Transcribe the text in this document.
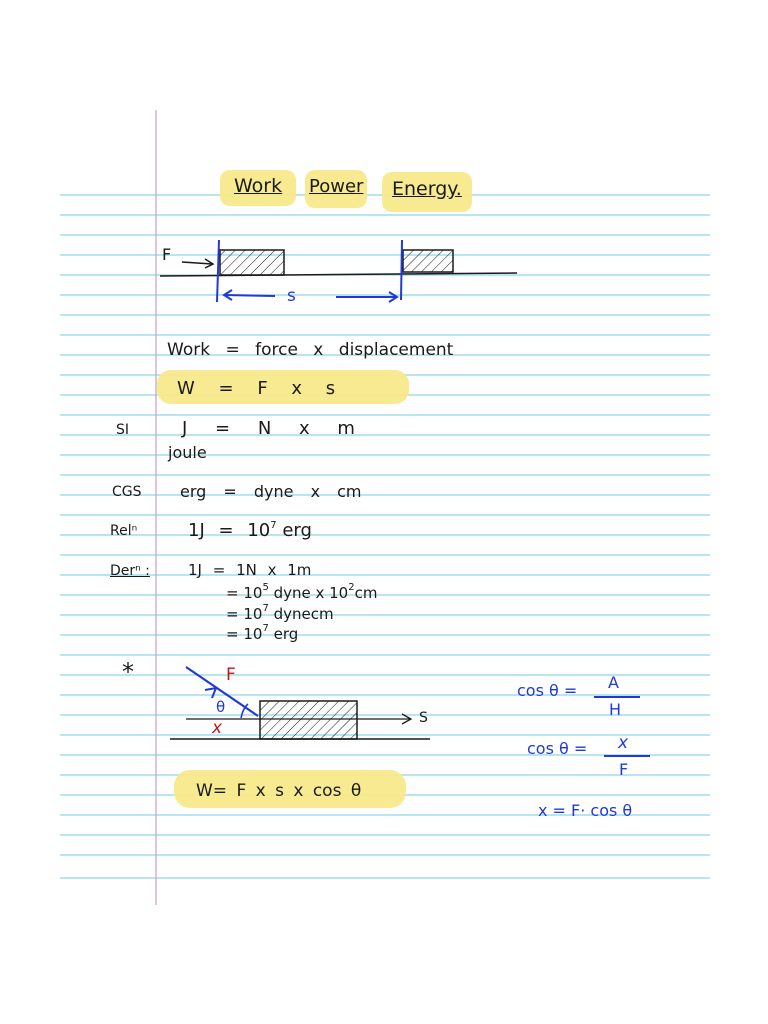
Work Power Energy.
F
s
Work = force x displacement
W = F x s
SI	J = N x m
joule
CGS erg = dyne x cm
Relⁿ	$1J = 10^7$ erg
Derⁿ :	1J = 1N x 1m
= $10^5$ dyne x $10^2cm$
= $10^7$ dynecm
= $10^7$ erg
*	F
θ
x	S
W= F x s x cos θ
cos θ = A
H
cos θ = x
F
x = F· cos θ
